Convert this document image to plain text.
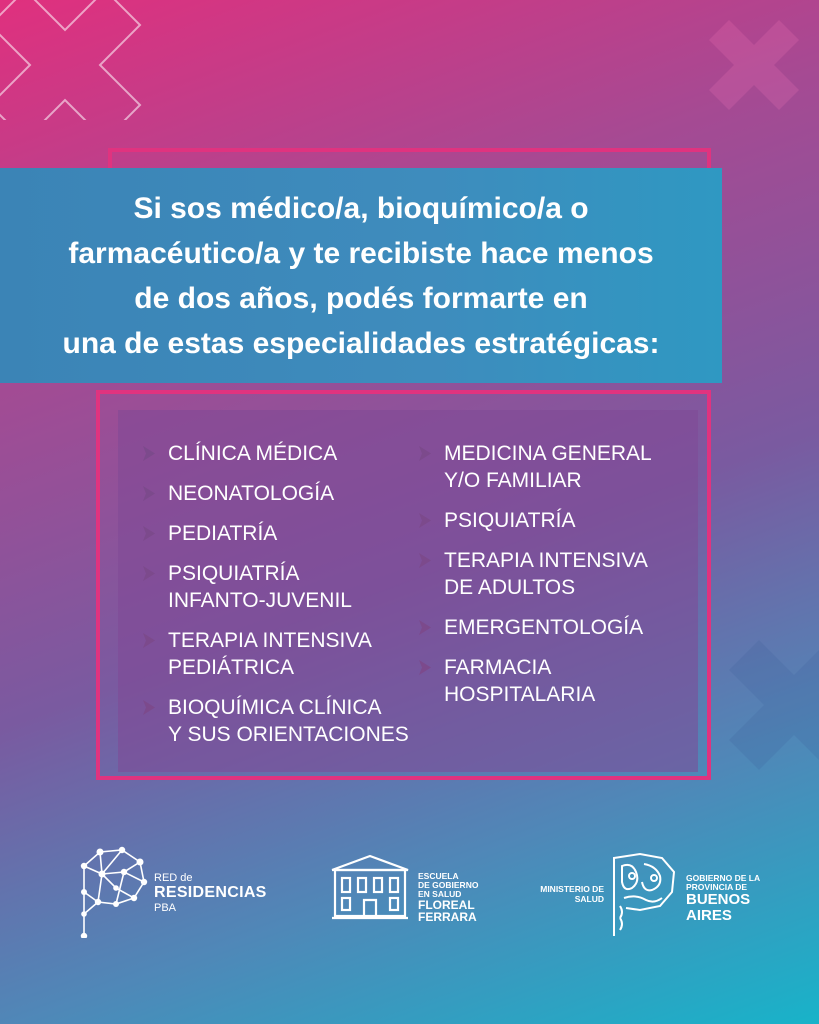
Si sos médico/a, bioquímico/a o
farmacéutico/a y te recibiste hace menos
de dos años, podés formarte en
una de estas especialidades estratégicas:

CLÍNICA MÉDICA
NEONATOLOGÍA
PEDIATRÍA
PSIQUIATRÍA
INFANTO-JUVENIL
TERAPIA INTENSIVA
PEDIÁTRICA
BIOQUÍMICA CLÍNICA
Y SUS ORIENTACIONES
MEDICINA GENERAL
Y/O FAMILIAR
PSIQUIATRÍA
TERAPIA INTENSIVA
DE ADULTOS
EMERGENTOLOGÍA
FARMACIA
HOSPITALARIA
RED de
RESIDENCIAS
PBA
ESCUELA
DE GOBIERNO
EN SALUD
FLOREAL
FERRARA
MINISTERIO DE
SALUD
GOBIERNO DE LA
PROVINCIA DE
BUENOS
AIRES
